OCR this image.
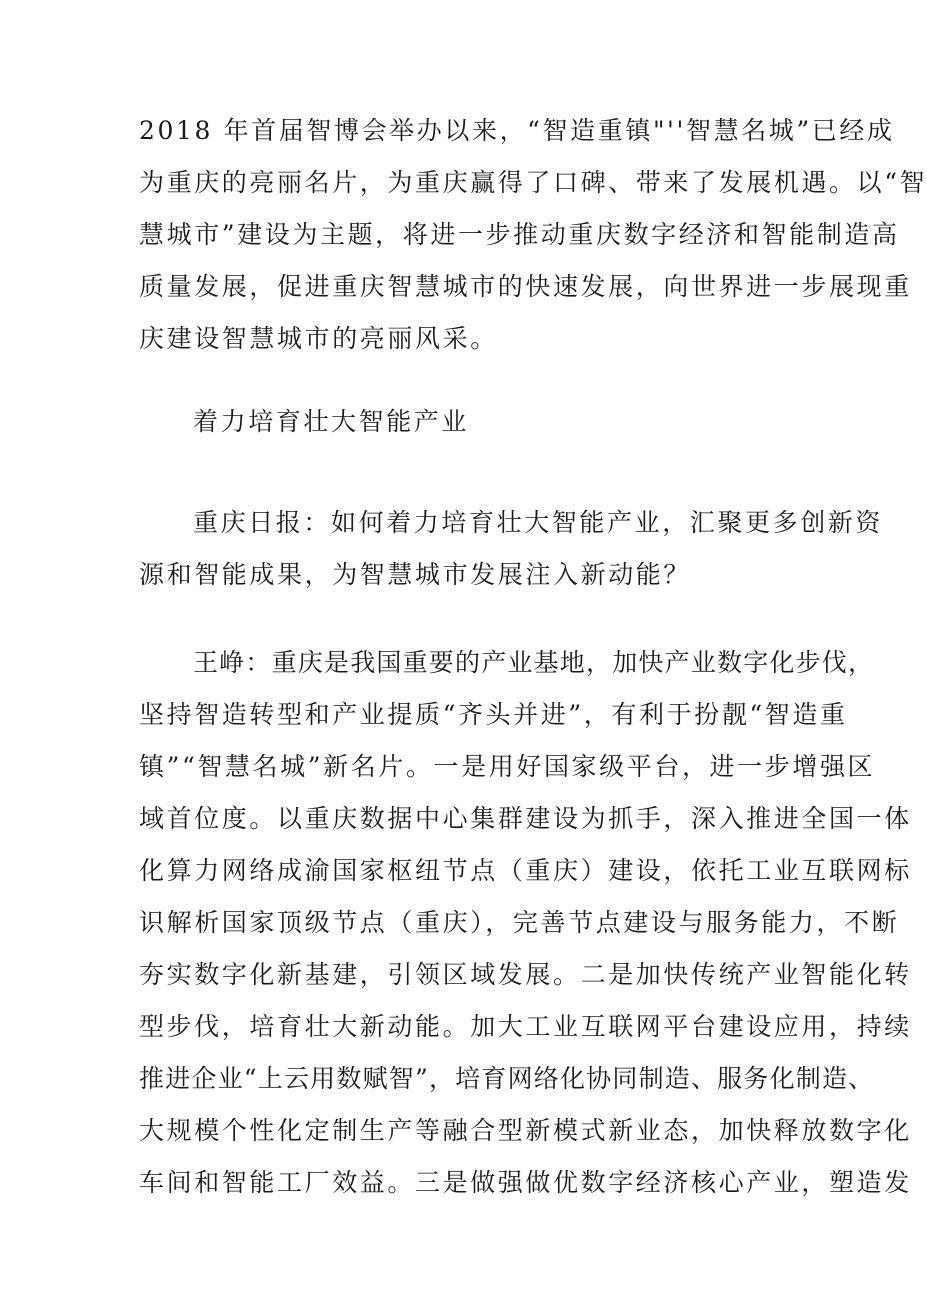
2018 年首届智博会举办以来，“智造重镇"''智慧名城”已经成
为重庆的亮丽名片，为重庆赢得了口碑、带来了发展机遇。以“智
慧城市”建设为主题，将进一步推动重庆数字经济和智能制造高
质量发展，促进重庆智慧城市的快速发展，向世界进一步展现重
庆建设智慧城市的亮丽风采。
着力培育壮大智能产业
重庆日报：如何着力培育壮大智能产业，汇聚更多创新资
源和智能成果，为智慧城市发展注入新动能？
王峥：重庆是我国重要的产业基地，加快产业数字化步伐，
坚持智造转型和产业提质“齐头并进”，有利于扮靓“智造重
镇”“智慧名城”新名片。一是用好国家级平台，进一步增强区
域首位度。以重庆数据中心集群建设为抓手，深入推进全国一体
化算力网络成渝国家枢纽节点（重庆）建设，依托工业互联网标
识解析国家顶级节点（重庆），完善节点建设与服务能力，不断
夯实数字化新基建，引领区域发展。二是加快传统产业智能化转
型步伐，培育壮大新动能。加大工业互联网平台建设应用，持续
推进企业“上云用数赋智”，培育网络化协同制造、服务化制造、
大规模个性化定制生产等融合型新模式新业态，加快释放数字化
车间和智能工厂效益。三是做强做优数字经济核心产业，塑造发
